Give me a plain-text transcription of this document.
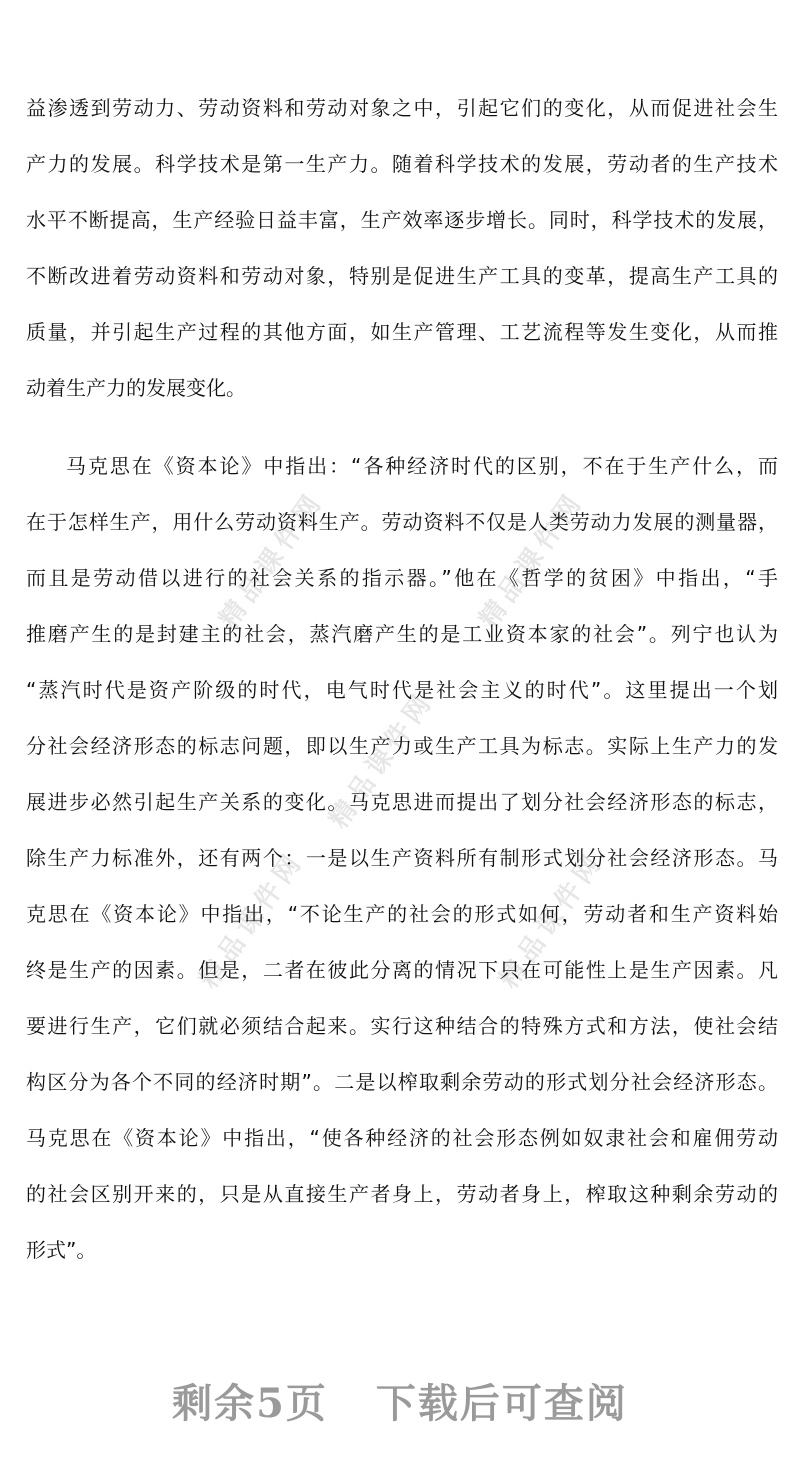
精品课件网	精品课件网
精品课件网
精品课件网	精品课件网
益渗透到劳动力、劳动资料和劳动对象之中，引起它们的变化，从而促进社会生
产力的发展。科学技术是第一生产力。随着科学技术的发展，劳动者的生产技术
水平不断提高，生产经验日益丰富，生产效率逐步增长。同时，科学技术的发展，
不断改进着劳动资料和劳动对象，特别是促进生产工具的变革，提高生产工具的
质量，并引起生产过程的其他方面，如生产管理、工艺流程等发生变化，从而推
动着生产力的发展变化。
马克思在《资本论》中指出：“各种经济时代的区别，不在于生产什么，而
在于怎样生产，用什么劳动资料生产。劳动资料不仅是人类劳动力发展的测量器，
而且是劳动借以进行的社会关系的指示器。”他在《哲学的贫困》中指出，“手
推磨产生的是封建主的社会，蒸汽磨产生的是工业资本家的社会”。列宁也认为
“蒸汽时代是资产阶级的时代，电气时代是社会主义的时代”。这里提出一个划
分社会经济形态的标志问题，即以生产力或生产工具为标志。实际上生产力的发
展进步必然引起生产关系的变化。马克思进而提出了划分社会经济形态的标志，
除生产力标准外，还有两个：一是以生产资料所有制形式划分社会经济形态。马
克思在《资本论》中指出，“不论生产的社会的形式如何，劳动者和生产资料始
终是生产的因素。但是，二者在彼此分离的情况下只在可能性上是生产因素。凡
要进行生产，它们就必须结合起来。实行这种结合的特殊方式和方法，使社会结
构区分为各个不同的经济时期”。二是以榨取剩余劳动的形式划分社会经济形态。
马克思在《资本论》中指出，“使各种经济的社会形态例如奴隶社会和雇佣劳动
的社会区别开来的，只是从直接生产者身上，劳动者身上，榨取这种剩余劳动的
形式”。
剩余5页 下载后可查阅
